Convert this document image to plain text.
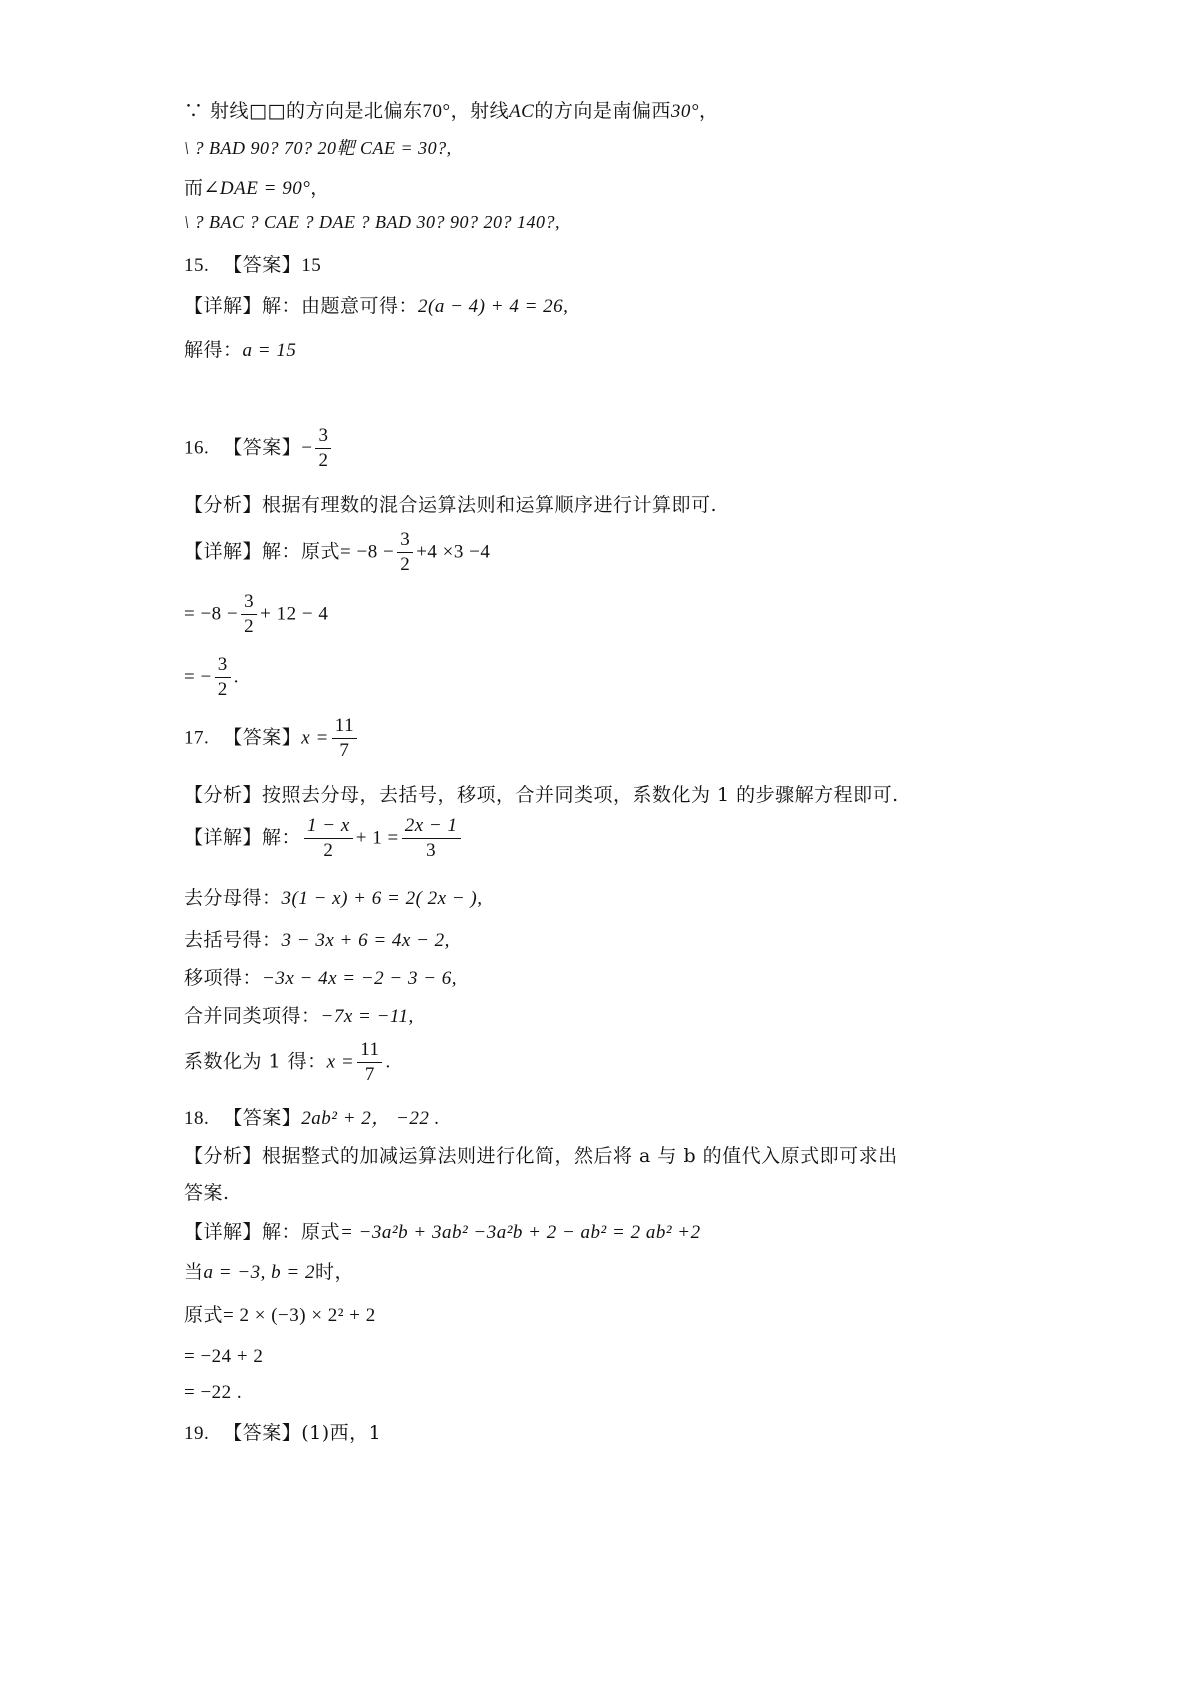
∵ 射线□□的方向是北偏东70°，射线AC的方向是南偏西30°，
\ ? BAD 90? 70? 20靶 CAE = 30?,
而∠DAE = 90°，
\ ? BAC ? CAE ? DAE ? BAD 30? 90? 20? 140?,
15. 【答案】15
【详解】解：由题意可得：2(a − 4) + 4 = 26,
解得：a = 15
16. 【答案】− $\frac{3}{2}$
【分析】根据有理数的混合运算法则和运算顺序进行计算即可.
【详解】解：原式= $-8 - \frac{3}{2} +4 \times 3 -4$
= $-8 - \frac{3}{2} + 12 - 4$
= − $\frac{3}{2}$ .
17. 【答案】$x = \frac{11}{7}$
【分析】按照去分母，去括号，移项，合并同类项，系数化为 1 的步骤解方程即可.
【详解】解： $\frac{1 - x}{2} + 1 = \frac{2x - 1}{3}$
去分母得：3(1 − x) + 6 = 2( 2x − ),
去括号得：3 − 3x + 6 = 4x − 2,
移项得：−3x − 4x = −2 − 3 − 6,
合并同类项得：−7x = −11,
系数化为 1 得：$x = \frac{11}{7}$ .
18. 【答案】2ab² + 2， −22 .
【分析】根据整式的加减运算法则进行化简，然后将 a 与 b 的值代入原式即可求出
答案.
【详解】解：原式= −3a²b + 3ab² −3a²b + 2 − ab² = 2 ab² +2
当a = −3, b = 2时，
原式= 2 × (−3) × 2² + 2
= −24 + 2
= −22 .
19. 【答案】(1)西，1
